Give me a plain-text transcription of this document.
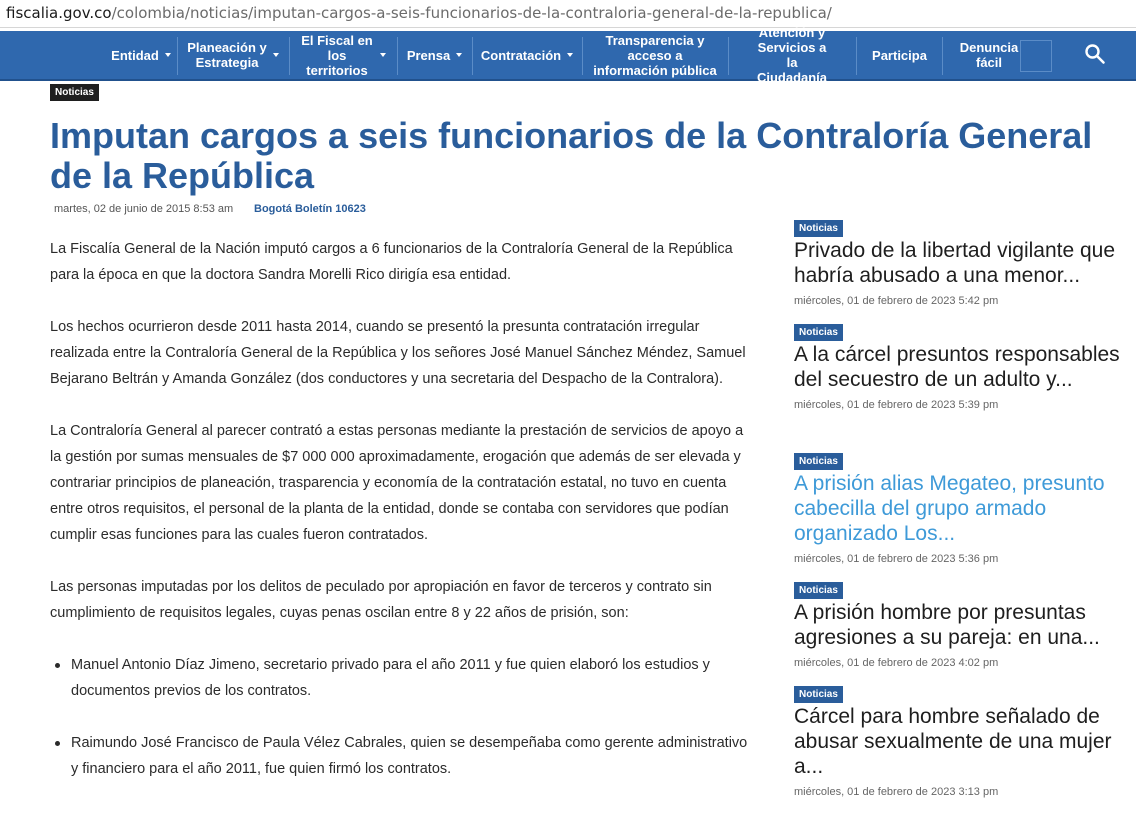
fiscalia.gov.co/colombia/noticias/imputan-cargos-a-seis-funcionarios-de-la-contraloria-general-de-la-republica/
Entidad Planeación y Estrategia
El Fiscal en los territorios
Prensa Contratación
Transparencia y acceso a información pública
Atención y Servicios a la Ciudadanía
Participa	Denuncia fácil
Noticias
Imputan cargos a seis funcionarios de la Contraloría General de la República
martes, 02 de junio de 2015 8:53 am Bogotá Boletín 10623

La Fiscalía General de la Nación imputó cargos a 6 funcionarios de la Contraloría General de la República para la época en que la doctora Sandra Morelli Rico dirigía esa entidad.

Los hechos ocurrieron desde 2011 hasta 2014, cuando se presentó la presunta contratación irregular realizada entre la Contraloría General de la República y los señores José Manuel Sánchez Méndez, Samuel Bejarano Beltrán y Amanda González (dos conductores y una secretaria del Despacho de la Contralora).

La Contraloría General al parecer contrató a estas personas mediante la prestación de servicios de apoyo a la gestión por sumas mensuales de $7 000 000 aproximadamente, erogación que además de ser elevada y contrariar principios de planeación, trasparencia y economía de la contratación estatal, no tuvo en cuenta entre otros requisitos, el personal de la planta de la entidad, donde se contaba con servidores que podían cumplir esas funciones para las cuales fueron contratados.

Las personas imputadas por los delitos de peculado por apropiación en favor de terceros y contrato sin cumplimiento de requisitos legales, cuyas penas oscilan entre 8 y 22 años de prisión, son:

Manuel Antonio Díaz Jimeno, secretario privado para el año 2011 y fue quien elaboró los estudios y documentos previos de los contratos.
Raimundo José Francisco de Paula Vélez Cabrales, quien se desempeñaba como gerente administrativo y financiero para el año 2011, fue quien firmó los contratos.
Noticias
Privado de la libertad vigilante que habría abusado a una menor...
miércoles, 01 de febrero de 2023 5:42 pm
Noticias
A la cárcel presuntos responsables del secuestro de un adulto y...
miércoles, 01 de febrero de 2023 5:39 pm
Noticias
A prisión alias Megateo, presunto cabecilla del grupo armado organizado Los...
miércoles, 01 de febrero de 2023 5:36 pm
Noticias
A prisión hombre por presuntas agresiones a su pareja: en una...
miércoles, 01 de febrero de 2023 4:02 pm
Noticias
Cárcel para hombre señalado de abusar sexualmente de una mujer a...
miércoles, 01 de febrero de 2023 3:13 pm
